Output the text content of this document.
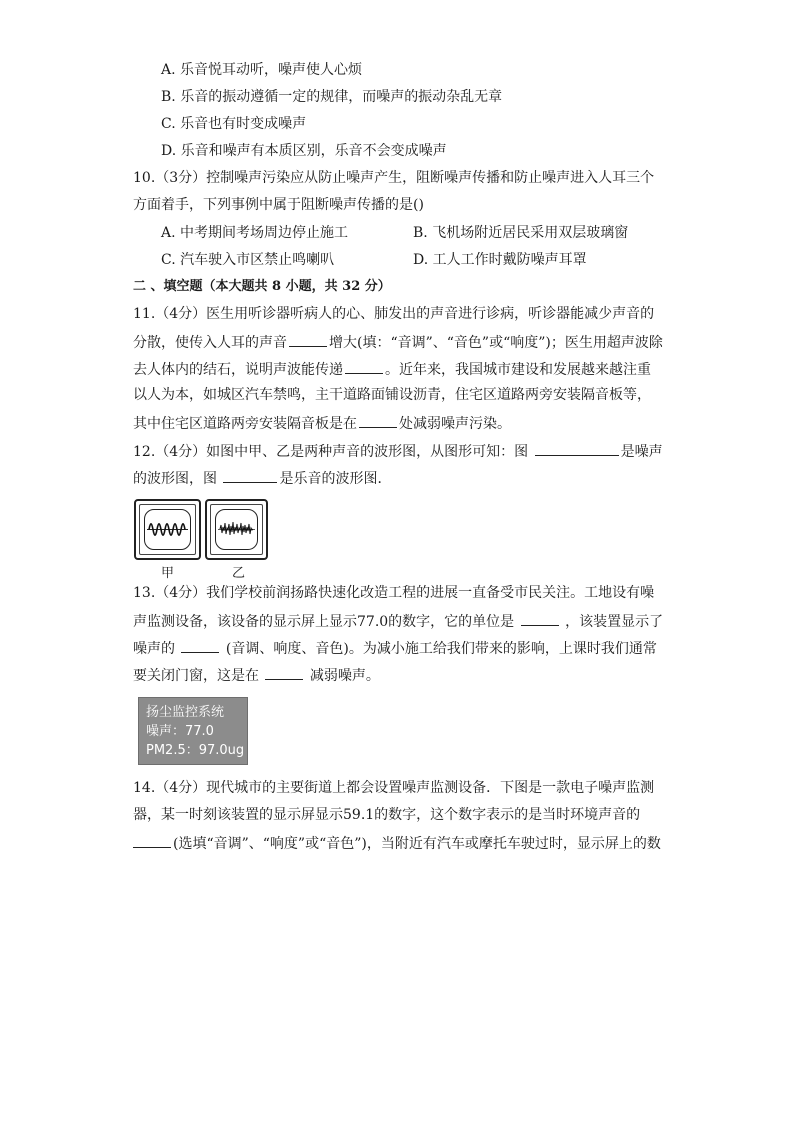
A. 乐音悦耳动听，噪声使人心烦
B. 乐音的振动遵循一定的规律，而噪声的振动杂乱无章
C. 乐音也有时变成噪声
D. 乐音和噪声有本质区别，乐音不会变成噪声
10.（3分）控制噪声污染应从防止噪声产生，阻断噪声传播和防止噪声进入人耳三个
方面着手，下列事例中属于阻断噪声传播的是()
A. 中考期间考场周边停止施工	B. 飞机场附近居民采用双层玻璃窗
C. 汽车驶入市区禁止鸣喇叭	D. 工人工作时戴防噪声耳罩
二 、填空题（本大题共 8 小题，共 32 分）
11.（4分）医生用听诊器听病人的心、肺发出的声音进行诊病，听诊器能减少声音的
分散，使传入人耳的声音	增大(填：“音调”、“音色”或“响度”)；医生用超声波除
去人体内的结石，说明声波能传递	。近年来，我国城市建设和发展越来越注重
以人为本，如城区汽车禁鸣，主干道路面铺设沥青，住宅区道路两旁安装隔音板等，
其中住宅区道路两旁安装隔音板是在	处减弱噪声污染。
12.（4分）如图中甲、乙是两种声音的波形图，从图形可知：图	是噪声
的波形图，图	是乐音的波形图．
甲	乙
13.（4分）我们学校前润扬路快速化改造工程的进展一直备受市民关注。工地设有噪
声监测设备，该设备的显示屏上显示77.0的数字，它的单位是	，该装置显示了
噪声的	(音调、响度、音色)。为减小施工给我们带来的影响，上课时我们通常
要关闭门窗，这是在	减弱噪声。
扬尘监控系统
噪声：77.0
PM2.5：97.0ug
14.（4分）现代城市的主要街道上都会设置噪声监测设备．下图是一款电子噪声监测
器，某一时刻该装置的显示屏显示59.1的数字，这个数字表示的是当时环境声音的
(选填“音调”、“响度”或“音色”)，当附近有汽车或摩托车驶过时，显示屏上的数
